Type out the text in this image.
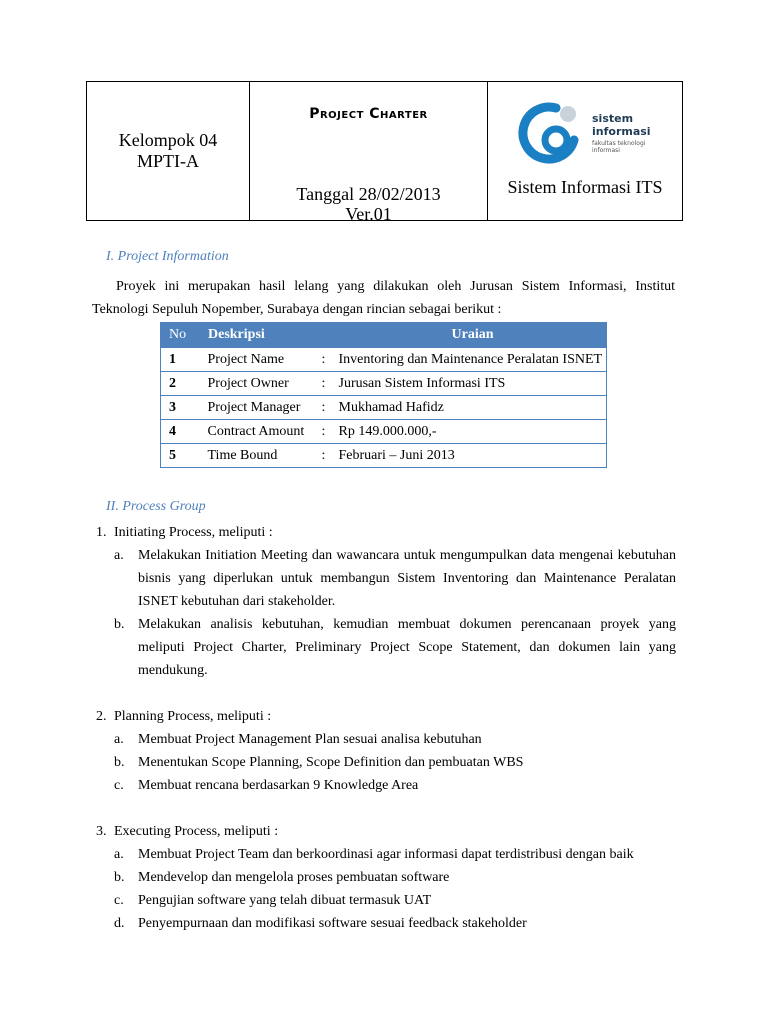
Kelompok 04
MPTI-A
Project Charter
Tanggal 28/02/2013
Ver.01
sistem
informasi
fakultas teknologi
informasi
Sistem Informasi ITS
I. Project Information

Proyek ini merupakan hasil lelang yang dilakukan oleh Jurusan Sistem Informasi, Institut Teknologi Sepuluh Nopember, Surabaya dengan rincian sebagai berikut :

No	Deskripsi		Uraian
1	Project Name	:	Inventoring dan Maintenance Peralatan ISNET
2	Project Owner	:	Jurusan Sistem Informasi ITS
3	Project Manager	:	Mukhamad Hafidz
4	Contract Amount	:	Rp 149.000.000,-
5	Time Bound	:	Februari – Juni 2013
II. Process Group
1. Initiating Process, meliputi :
a. Melakukan Initiation Meeting dan wawancara untuk mengumpulkan data mengenai kebutuhan bisnis yang diperlukan untuk membangun Sistem Inventoring dan Maintenance Peralatan ISNET kebutuhan dari stakeholder.
b. Melakukan analisis kebutuhan, kemudian membuat dokumen perencanaan proyek yang meliputi Project Charter, Preliminary Project Scope Statement, dan dokumen lain yang mendukung.
2. Planning Process, meliputi :
a. Membuat Project Management Plan sesuai analisa kebutuhan
b. Menentukan Scope Planning, Scope Definition dan pembuatan WBS
c. Membuat rencana berdasarkan 9 Knowledge Area
3. Executing Process, meliputi :
a. Membuat Project Team dan berkoordinasi agar informasi dapat terdistribusi dengan baik
b. Mendevelop dan mengelola proses pembuatan software
c. Pengujian software yang telah dibuat termasuk UAT
d. Penyempurnaan dan modifikasi software sesuai feedback stakeholder
